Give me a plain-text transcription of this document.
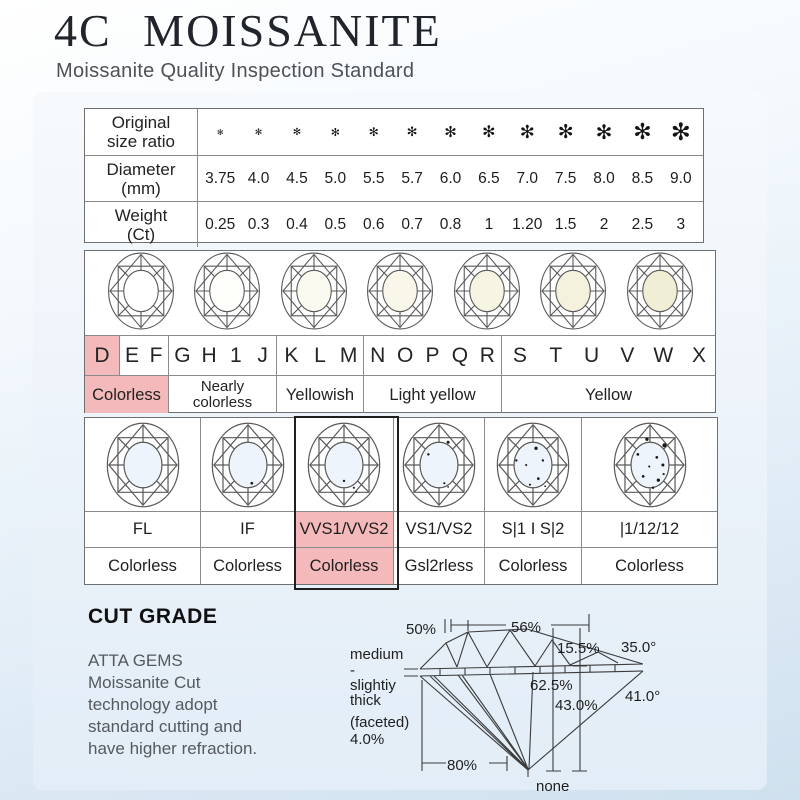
4C MOISSANITE
Moissanite Quality Inspection Standard
Original
size ratio	✻	✻	✻	✻ ✻ ✻ ✻ ✻ ✻ ✻ ✻ ✻ ✻
Diameter
(mm)
3.75 4.0 4.5 5.0 5.5 5.7 6.0 6.5 7.0 7.5 8.0 8.5 9.0
Weight
(Ct)
0.25 0.3 0.4 0.5 0.6 0.7 0.8 1 1.20 1.5 2 2.5 3
D E F G H 1 J K L M N O P Q R S	T	U	V W X
Colorless	Nearly colorless	Yellowish	Light yellow	Yellow
FL	IF	VVS1/VVS2	VS1/VS2	S|1 I S|2	|1/12/12
Colorless	Colorless	Colorless	Gsl2rless	Colorless	Colorless
CUT GRADE
ATTA GEMS
Moissanite Cut
technology adopt
standard cutting and
have higher refraction.
50%	56%
15.5% 35.0°
62.5%
43.0%
41.0°
80%
none
medium
-
slightiy
thick
(faceted)
4.0%
